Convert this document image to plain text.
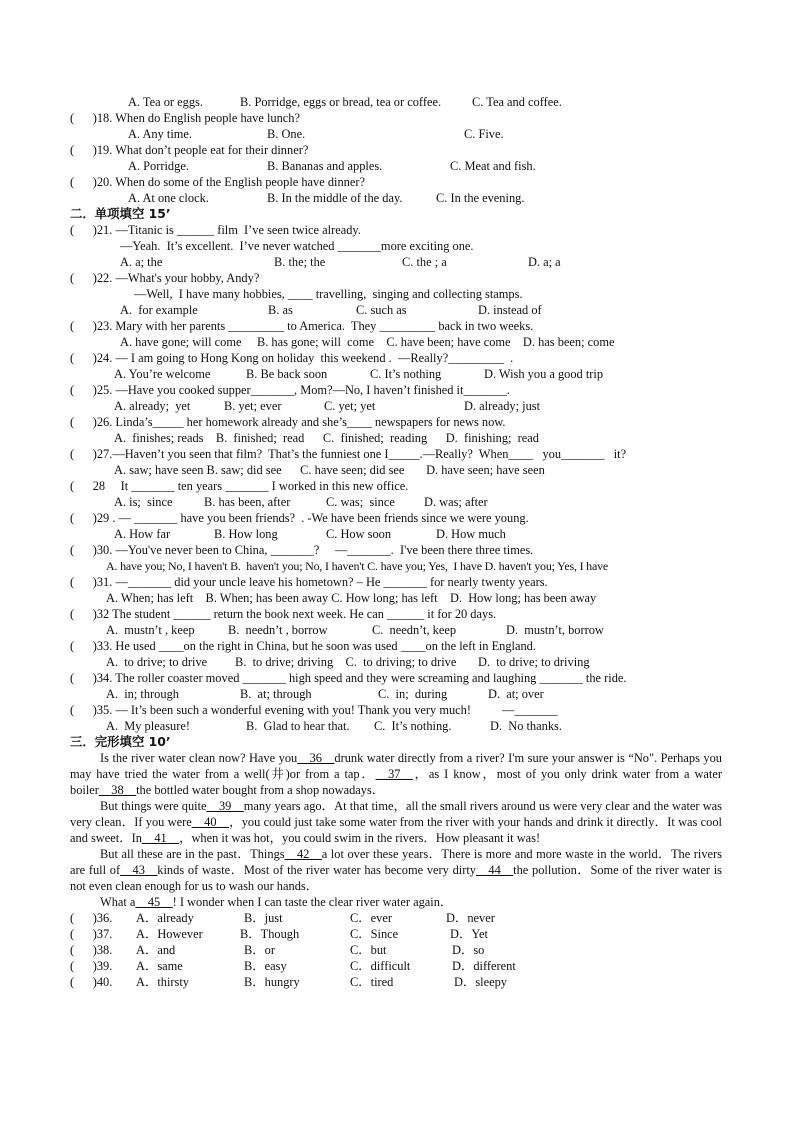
A. Tea or eggs.

	B. Porridge, eggs or bread, tea or coffee.

C. Tea and coffee.

(      )18. When do English people have lunch?

A. Any time.

	B. One.

	C. Five.

(      )19. What don’t people eat for their dinner?

A. Porridge.

	B. Bananas and apples.

	C. Meat and fish.

(      )20. When do some of the English people have dinner?

A. At one clock.

	B. In the middle of the day.

	C. In the evening.

二．单项填空 15’

(      )21. —Titanic is ______ film  I’ve seen twice already.

—Yeah.  It’s excellent.  I’ve never watched _______more exciting one.

A. a; the

	B. the; the

	C. the ; a

	D. a; a

(      )22. —What's your hobby, Andy?

—Well,  I have many hobbies, ____ travelling,  singing and collecting stamps.

A.  for example

	B. as

	C. such as

	D. instead of

(      )23. Mary with her parents _________ to America.  They _________ back in two weeks.

A. have gone; will come     B. has gone; will  come    C. have been; have come    D. has been; come

(      )24. — I am going to Hong Kong on holiday  this weekend .  —Really?_________  .

A. You’re welcome

	B. Be back soon

	C. It’s nothing

	D. Wish you a good trip

(      )25. —Have you cooked supper_______, Mom?—No, I haven’t finished it_______.

A. already;  yet

	B. yet; ever

	C. yet; yet

	D. already; just

(      )26. Linda’s_____ her homework already and she’s____ newspapers for news now.

A.  finishes; reads    B.  finished;  read      C.  finished;  reading      D.  finishing;  read

(      )27.—Haven’t you seen that film?  That’s the funniest one I_____.—Really?  When____   you_______   it?

A. saw; have seen B. saw; did see      C. have seen; did see       D. have seen; have seen

(      28     It _______ ten years _______ I worked in this new office.

A. is;  since

	B. has been, after

	C. was;  since

D. was; after

(      )29 . — _______ have you been friends?  . -We have been friends since we were young.

A. How far

	B. How long

	C. How soon

	D. How much

(      )30. —You've never been to China, _______?     —_______.  I've been there three times.

A. have you; No, I haven't B.  haven't you; No, I haven't C. have you; Yes,  I have D. haven't you; Yes, I have

(      )31. —_______ did your uncle leave his hometown? – He _______ for nearly twenty years.

A. When; has left    B. When; has been away C. How long; has left    D.  How long; has been away

(      )32 The student ______ return the book next week. He can ______ it for 20 days.

A.  mustn’t , keep

	B.  needn’t , borrow

	C.  needn’t, keep

	D.  mustn’t, borrow

(      )33. He used ____on the right in China, but he soon was used ____on the left in England.

A.  to drive; to drive         B.  to drive; driving    C.  to driving; to drive       D.  to drive; to driving

(      )34. The roller coaster moved _______ high speed and they were screaming and laughing _______ the ride.

A.  in; through

	B.  at; through

	C.  in;  during

	D.  at; over

(      )35. — It’s been such a wonderful evening with you! Thank you very much!          —_______

A.  My pleasure!

	B.  Glad to hear that.

C.  It’s nothing.

	D.  No thanks.

三．完形填空 10’

Is the river water clean now? Have you__36__drunk water directly from a river? I'm sure your answer is “No". Perhaps you may have tried the water from a well(井)or from a tap．__37__，as I know，most of you only drink water from a water boiler__38__the bottled water bought from a shop nowadays．
But things were quite__39__many years ago．At that time，all the small rivers around us were very clear and the water was very clean．If you were__40__，you could just take some water from the river with your hands and drink it directly．It was cool and sweet．In__41__，when it was hot，you could swim in the rivers．How pleasant it was!
But all these are in the past．Things__42__a lot over these years．There is more and more waste in the world．The rivers are full of__43__kinds of waste．Most of the river water has become very dirty__44__the pollution．Some of the river water is not even clean enough for us to wash our hands．
What a__45__! I wonder when I can taste the clear river water again．

(      )36.

A．already

	B．just

	C．ever

	D．never

(      )37.

A．However

	B．Though

	C．Since

	D．Yet

(      )38.

A．and

	B．or

	C．but

	D．so

(      )39.

A．same

	B．easy

	C．difficult

	D．different

(      )40.

A．thirsty

	B．hungry

	C．tired

	D．sleepy
